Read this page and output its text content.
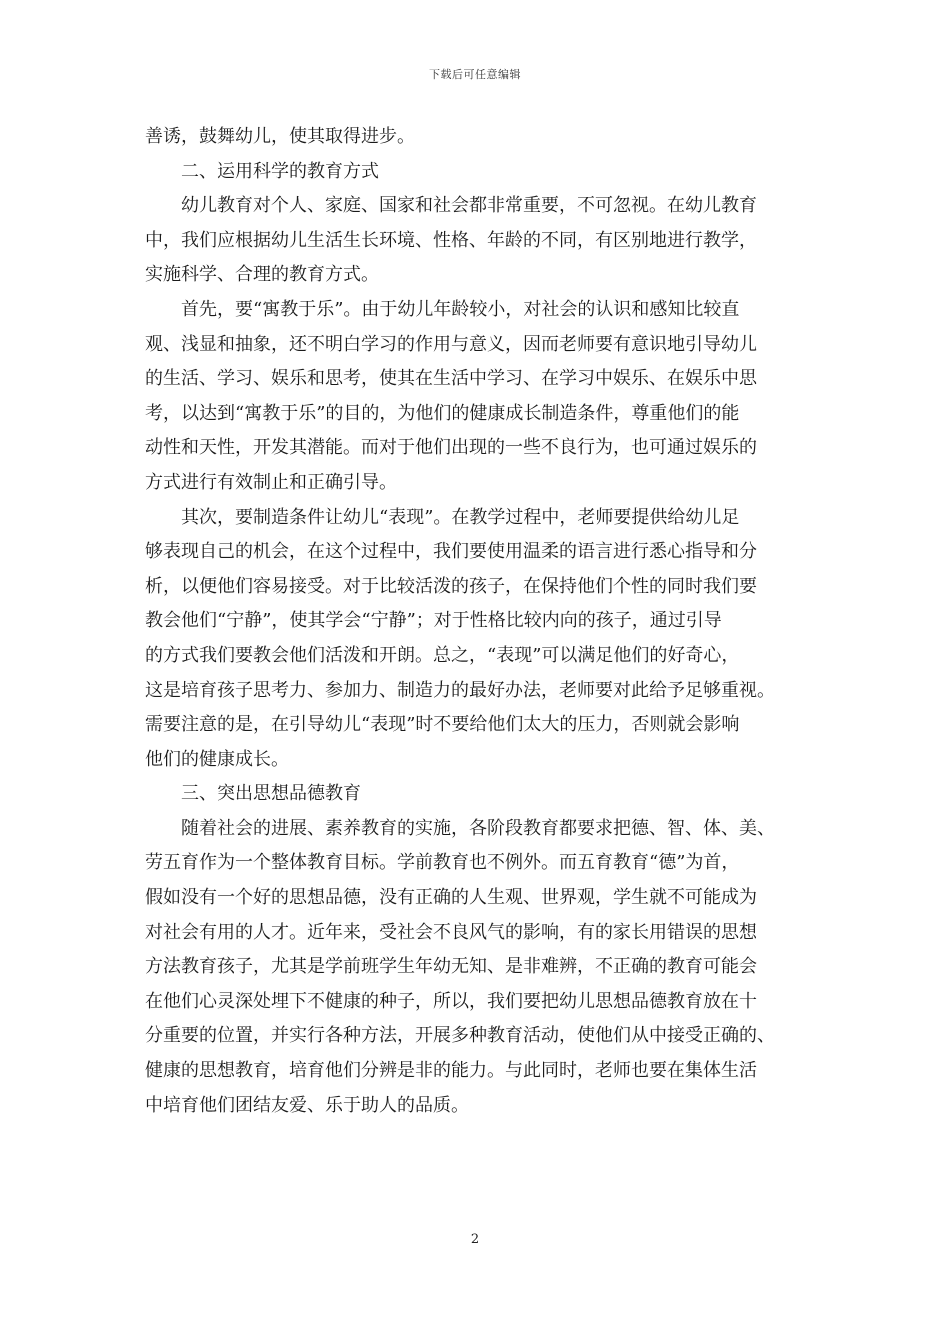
下载后可任意编辑
善诱，鼓舞幼儿，使其取得进步。
二、运用科学的教育方式
幼儿教育对个人、家庭、国家和社会都非常重要，不可忽视。在幼儿教育
中，我们应根据幼儿生活生长环境、性格、年龄的不同，有区别地进行教学，
实施科学、合理的教育方式。
首先，要“寓教于乐”。由于幼儿年龄较小，对社会的认识和感知比较直
观、浅显和抽象，还不明白学习的作用与意义，因而老师要有意识地引导幼儿
的生活、学习、娱乐和思考，使其在生活中学习、在学习中娱乐、在娱乐中思
考，以达到“寓教于乐”的目的，为他们的健康成长制造条件，尊重他们的能
动性和天性，开发其潜能。而对于他们出现的一些不良行为，也可通过娱乐的
方式进行有效制止和正确引导。
其次，要制造条件让幼儿“表现”。在教学过程中，老师要提供给幼儿足
够表现自己的机会，在这个过程中，我们要使用温柔的语言进行悉心指导和分
析，以便他们容易接受。对于比较活泼的孩子，在保持他们个性的同时我们要
教会他们“宁静”，使其学会“宁静”；对于性格比较内向的孩子，通过引导
的方式我们要教会他们活泼和开朗。总之，“表现”可以满足他们的好奇心，
这是培育孩子思考力、参加力、制造力的最好办法，老师要对此给予足够重视。
需要注意的是，在引导幼儿“表现”时不要给他们太大的压力，否则就会影响
他们的健康成长。
三、突出思想品德教育
随着社会的进展、素养教育的实施，各阶段教育都要求把德、智、体、美、
劳五育作为一个整体教育目标。学前教育也不例外。而五育教育“德”为首，
假如没有一个好的思想品德，没有正确的人生观、世界观，学生就不可能成为
对社会有用的人才。近年来，受社会不良风气的影响，有的家长用错误的思想
方法教育孩子，尤其是学前班学生年幼无知、是非难辨，不正确的教育可能会
在他们心灵深处埋下不健康的种子，所以，我们要把幼儿思想品德教育放在十
分重要的位置，并实行各种方法，开展多种教育活动，使他们从中接受正确的、
健康的思想教育，培育他们分辨是非的能力。与此同时，老师也要在集体生活
中培育他们团结友爱、乐于助人的品质。
2
